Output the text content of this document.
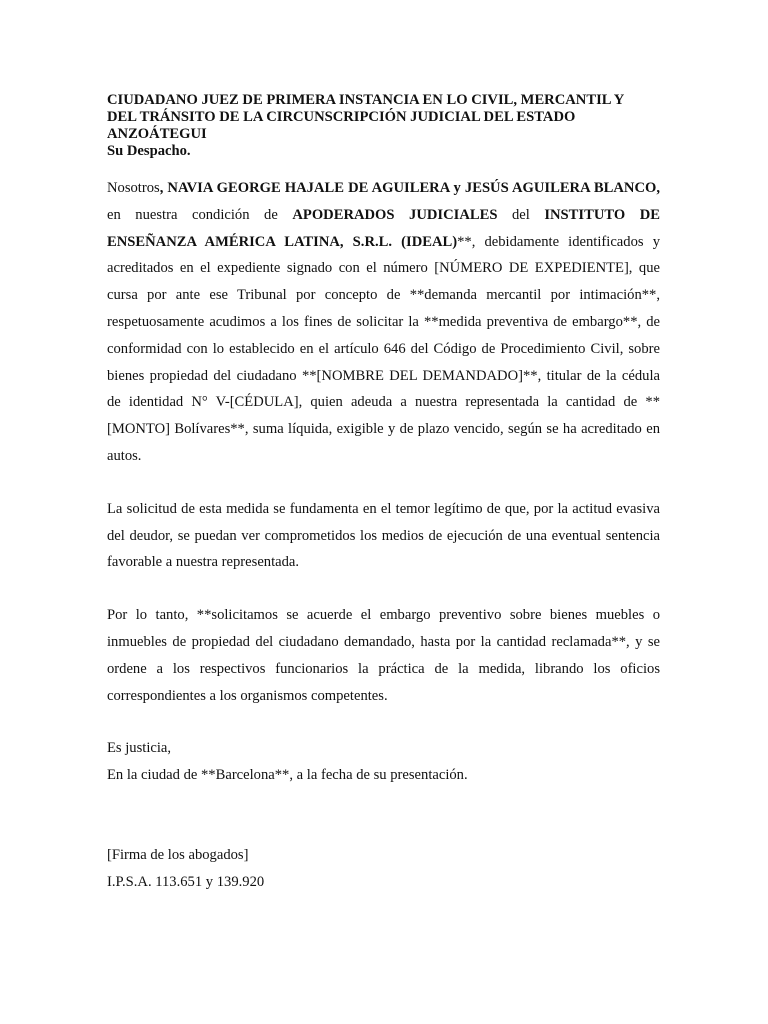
CIUDADANO JUEZ DE PRIMERA INSTANCIA EN LO CIVIL, MERCANTIL Y
DEL TRÁNSITO DE LA CIRCUNSCRIPCIÓN JUDICIAL DEL ESTADO
ANZOÁTEGUI
Su Despacho.

Nosotros, NAVIA GEORGE HAJALE DE AGUILERA y JESÚS AGUILERA BLANCO, en nuestra condición de APODERADOS JUDICIALES del INSTITUTO DE ENSEÑANZA AMÉRICA LATINA, S.R.L. (IDEAL)**, debidamente identificados y acreditados en el expediente signado con el número [NÚMERO DE EXPEDIENTE], que cursa por ante ese Tribunal por concepto de **demanda mercantil por intimación**, respetuosamente acudimos a los fines de solicitar la **medida preventiva de embargo**, de conformidad con lo establecido en el artículo 646 del Código de Procedimiento Civil, sobre bienes propiedad del ciudadano **[NOMBRE DEL DEMANDADO]**, titular de la cédula de identidad N° V-[CÉDULA], quien adeuda a nuestra representada la cantidad de **[MONTO] Bolívares**, suma líquida, exigible y de plazo vencido, según se ha acreditado en autos.

La solicitud de esta medida se fundamenta en el temor legítimo de que, por la actitud evasiva del deudor, se puedan ver comprometidos los medios de ejecución de una eventual sentencia favorable a nuestra representada.

Por lo tanto, **solicitamos se acuerde el embargo preventivo sobre bienes muebles o inmuebles de propiedad del ciudadano demandado, hasta por la cantidad reclamada**, y se ordene a los respectivos funcionarios la práctica de la medida, librando los oficios correspondientes a los organismos competentes.

Es justicia,
En la ciudad de **Barcelona**, a la fecha de su presentación.

[Firma de los abogados]
I.P.S.A. 113.651 y 139.920
